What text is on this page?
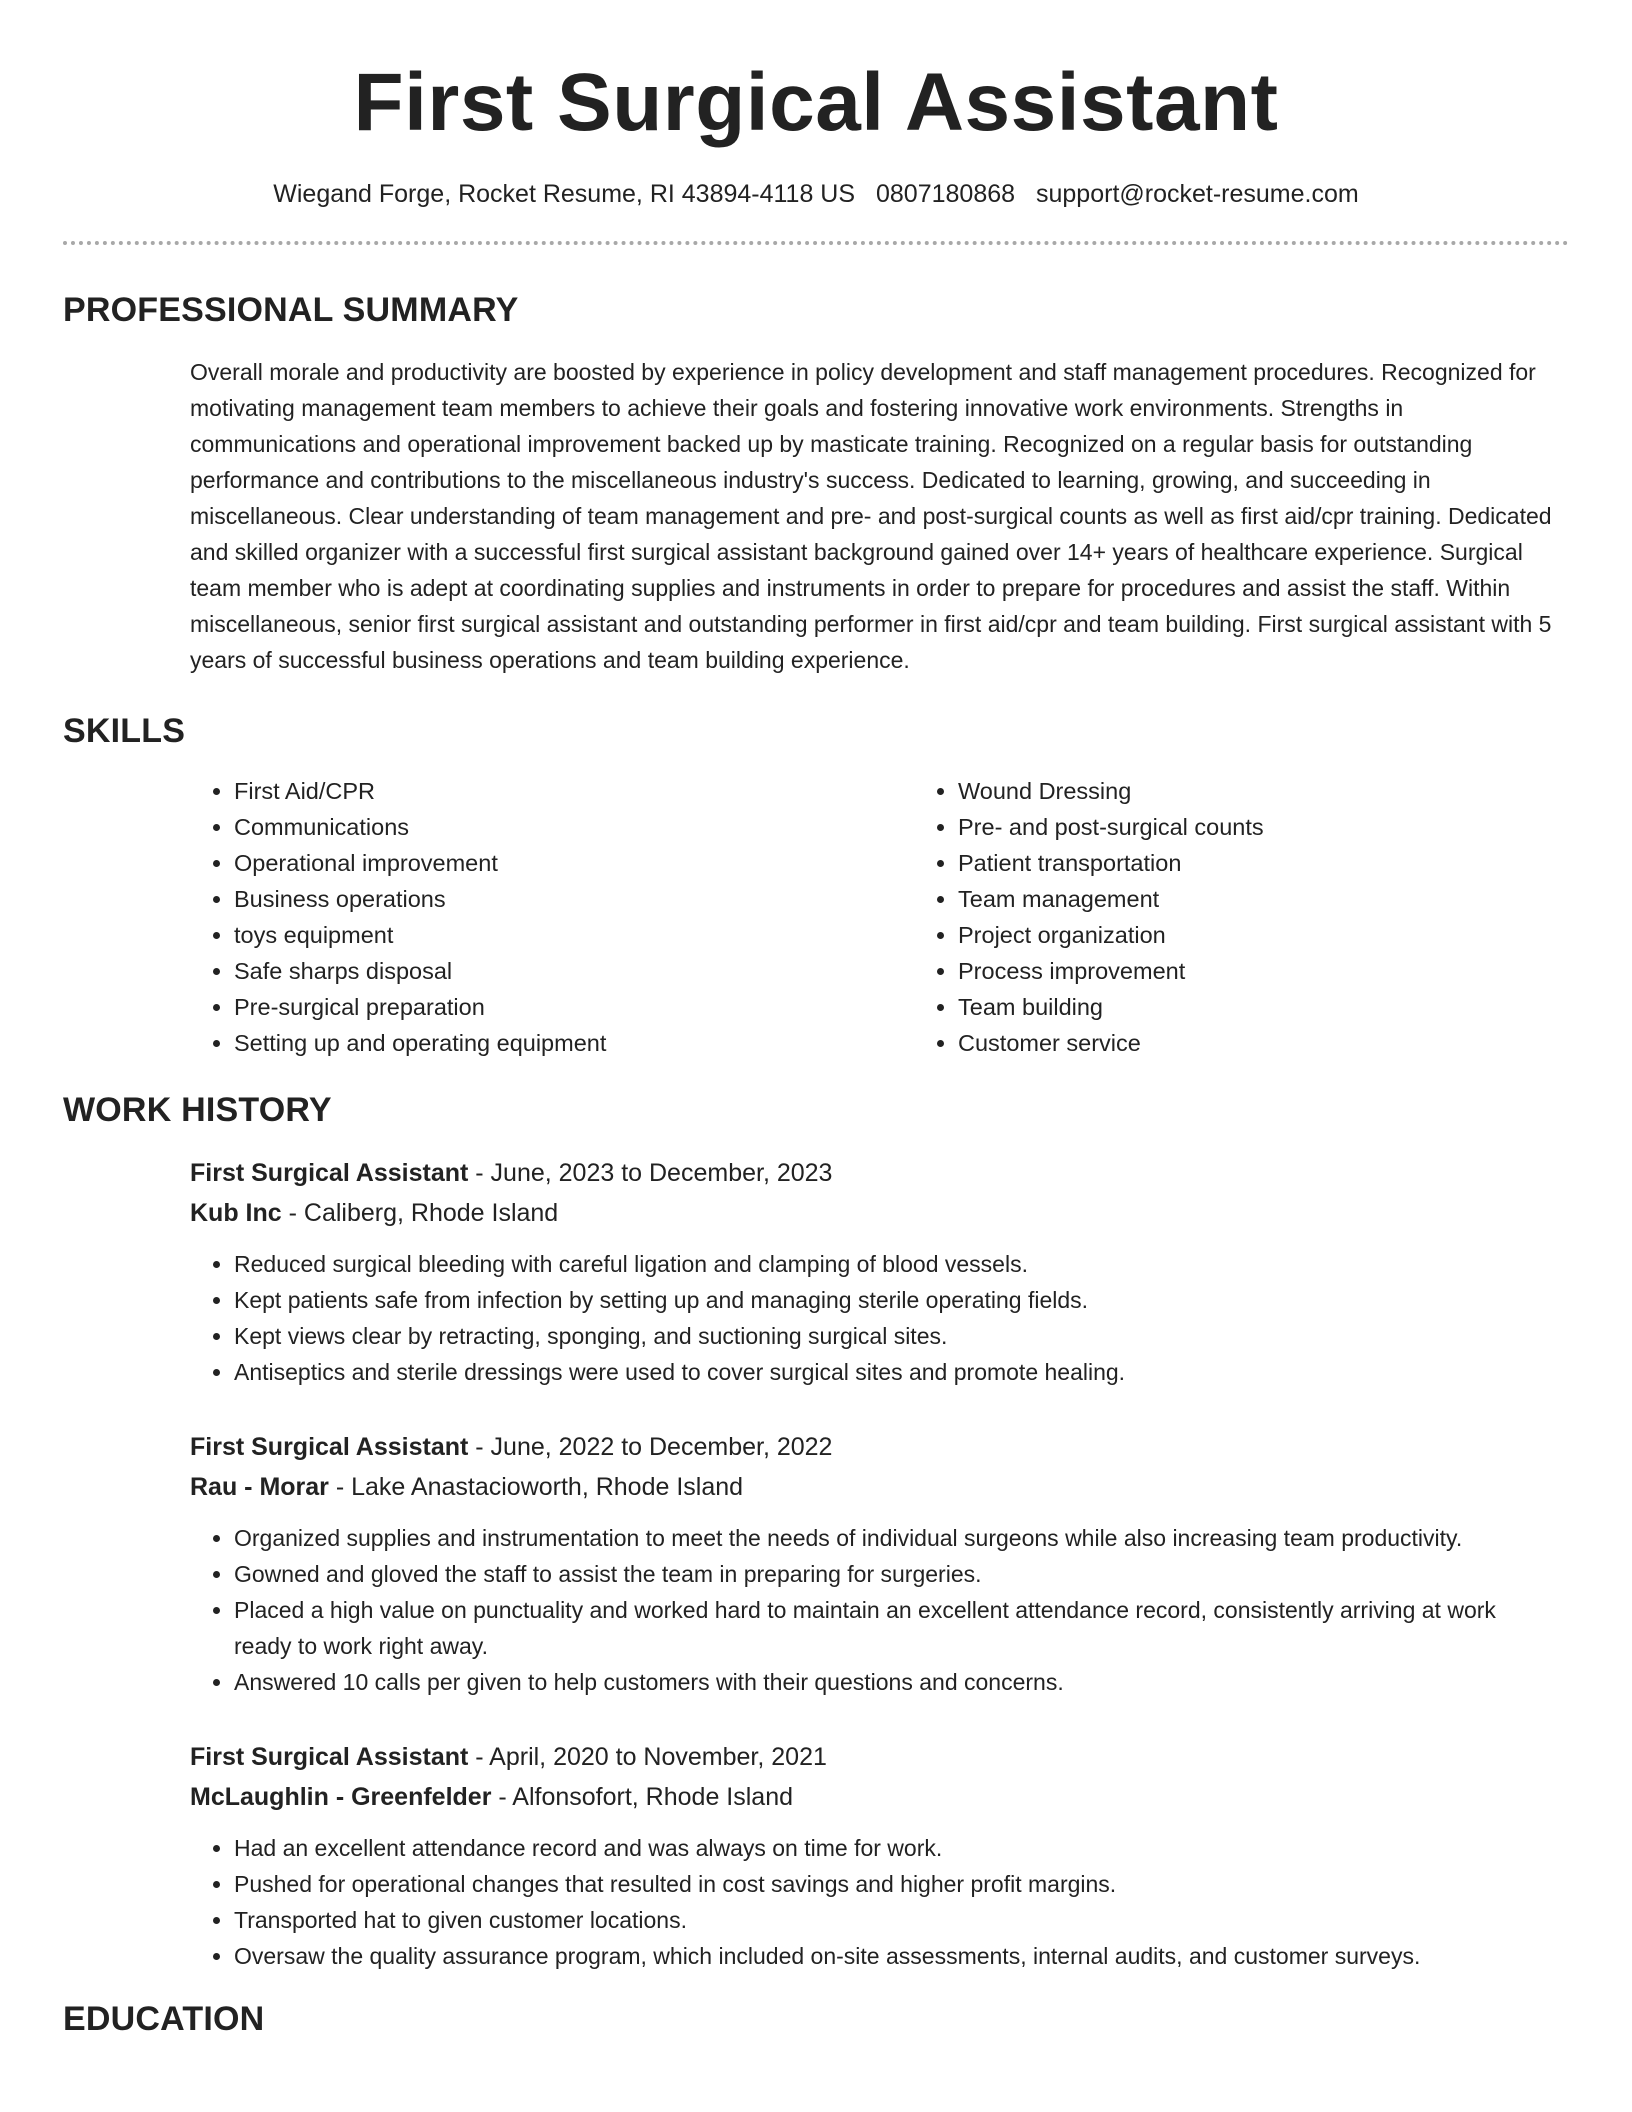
First Surgical Assistant
Wiegand Forge, Rocket Resume, RI 43894-4118 US 0807180868 support@rocket-resume.com
PROFESSIONAL SUMMARY

Overall morale and productivity are boosted by experience in policy development and staff management procedures. Recognized for motivating management team members to achieve their goals and fostering innovative work environments. Strengths in communications and operational improvement backed up by masticate training. Recognized on a regular basis for outstanding performance and contributions to the miscellaneous industry's success. Dedicated to learning, growing, and succeeding in miscellaneous. Clear understanding of team management and pre- and post-surgical counts as well as first aid/cpr training. Dedicated and skilled organizer with a successful first surgical assistant background gained over 14+ years of healthcare experience. Surgical team member who is adept at coordinating supplies and instruments in order to prepare for procedures and assist the staff. Within miscellaneous, senior first surgical assistant and outstanding performer in first aid/cpr and team building. First surgical assistant with 5 years of successful business operations and team building experience.

SKILLS
• First Aid/CPR
• Communications
• Operational improvement
• Business operations
• toys equipment
• Safe sharps disposal
• Pre-surgical preparation
• Setting up and operating equipment
• Wound Dressing
• Pre- and post-surgical counts
• Patient transportation
• Team management
• Project organization
• Process improvement
• Team building
• Customer service
WORK HISTORY
First Surgical Assistant - June, 2023 to December, 2023
Kub Inc - Caliberg, Rhode Island
• Reduced surgical bleeding with careful ligation and clamping of blood vessels.
• Kept patients safe from infection by setting up and managing sterile operating fields.
• Kept views clear by retracting, sponging, and suctioning surgical sites.
• Antiseptics and sterile dressings were used to cover surgical sites and promote healing.
First Surgical Assistant - June, 2022 to December, 2022
Rau - Morar - Lake Anastacioworth, Rhode Island
• Organized supplies and instrumentation to meet the needs of individual surgeons while also increasing team productivity.
• Gowned and gloved the staff to assist the team in preparing for surgeries.
• Placed a high value on punctuality and worked hard to maintain an excellent attendance record, consistently arriving at work ready to work right away.
• Answered 10 calls per given to help customers with their questions and concerns.
First Surgical Assistant - April, 2020 to November, 2021
McLaughlin - Greenfelder - Alfonsofort, Rhode Island
• Had an excellent attendance record and was always on time for work.
• Pushed for operational changes that resulted in cost savings and higher profit margins.
• Transported hat to given customer locations.
• Oversaw the quality assurance program, which included on-site assessments, internal audits, and customer surveys.
EDUCATION
